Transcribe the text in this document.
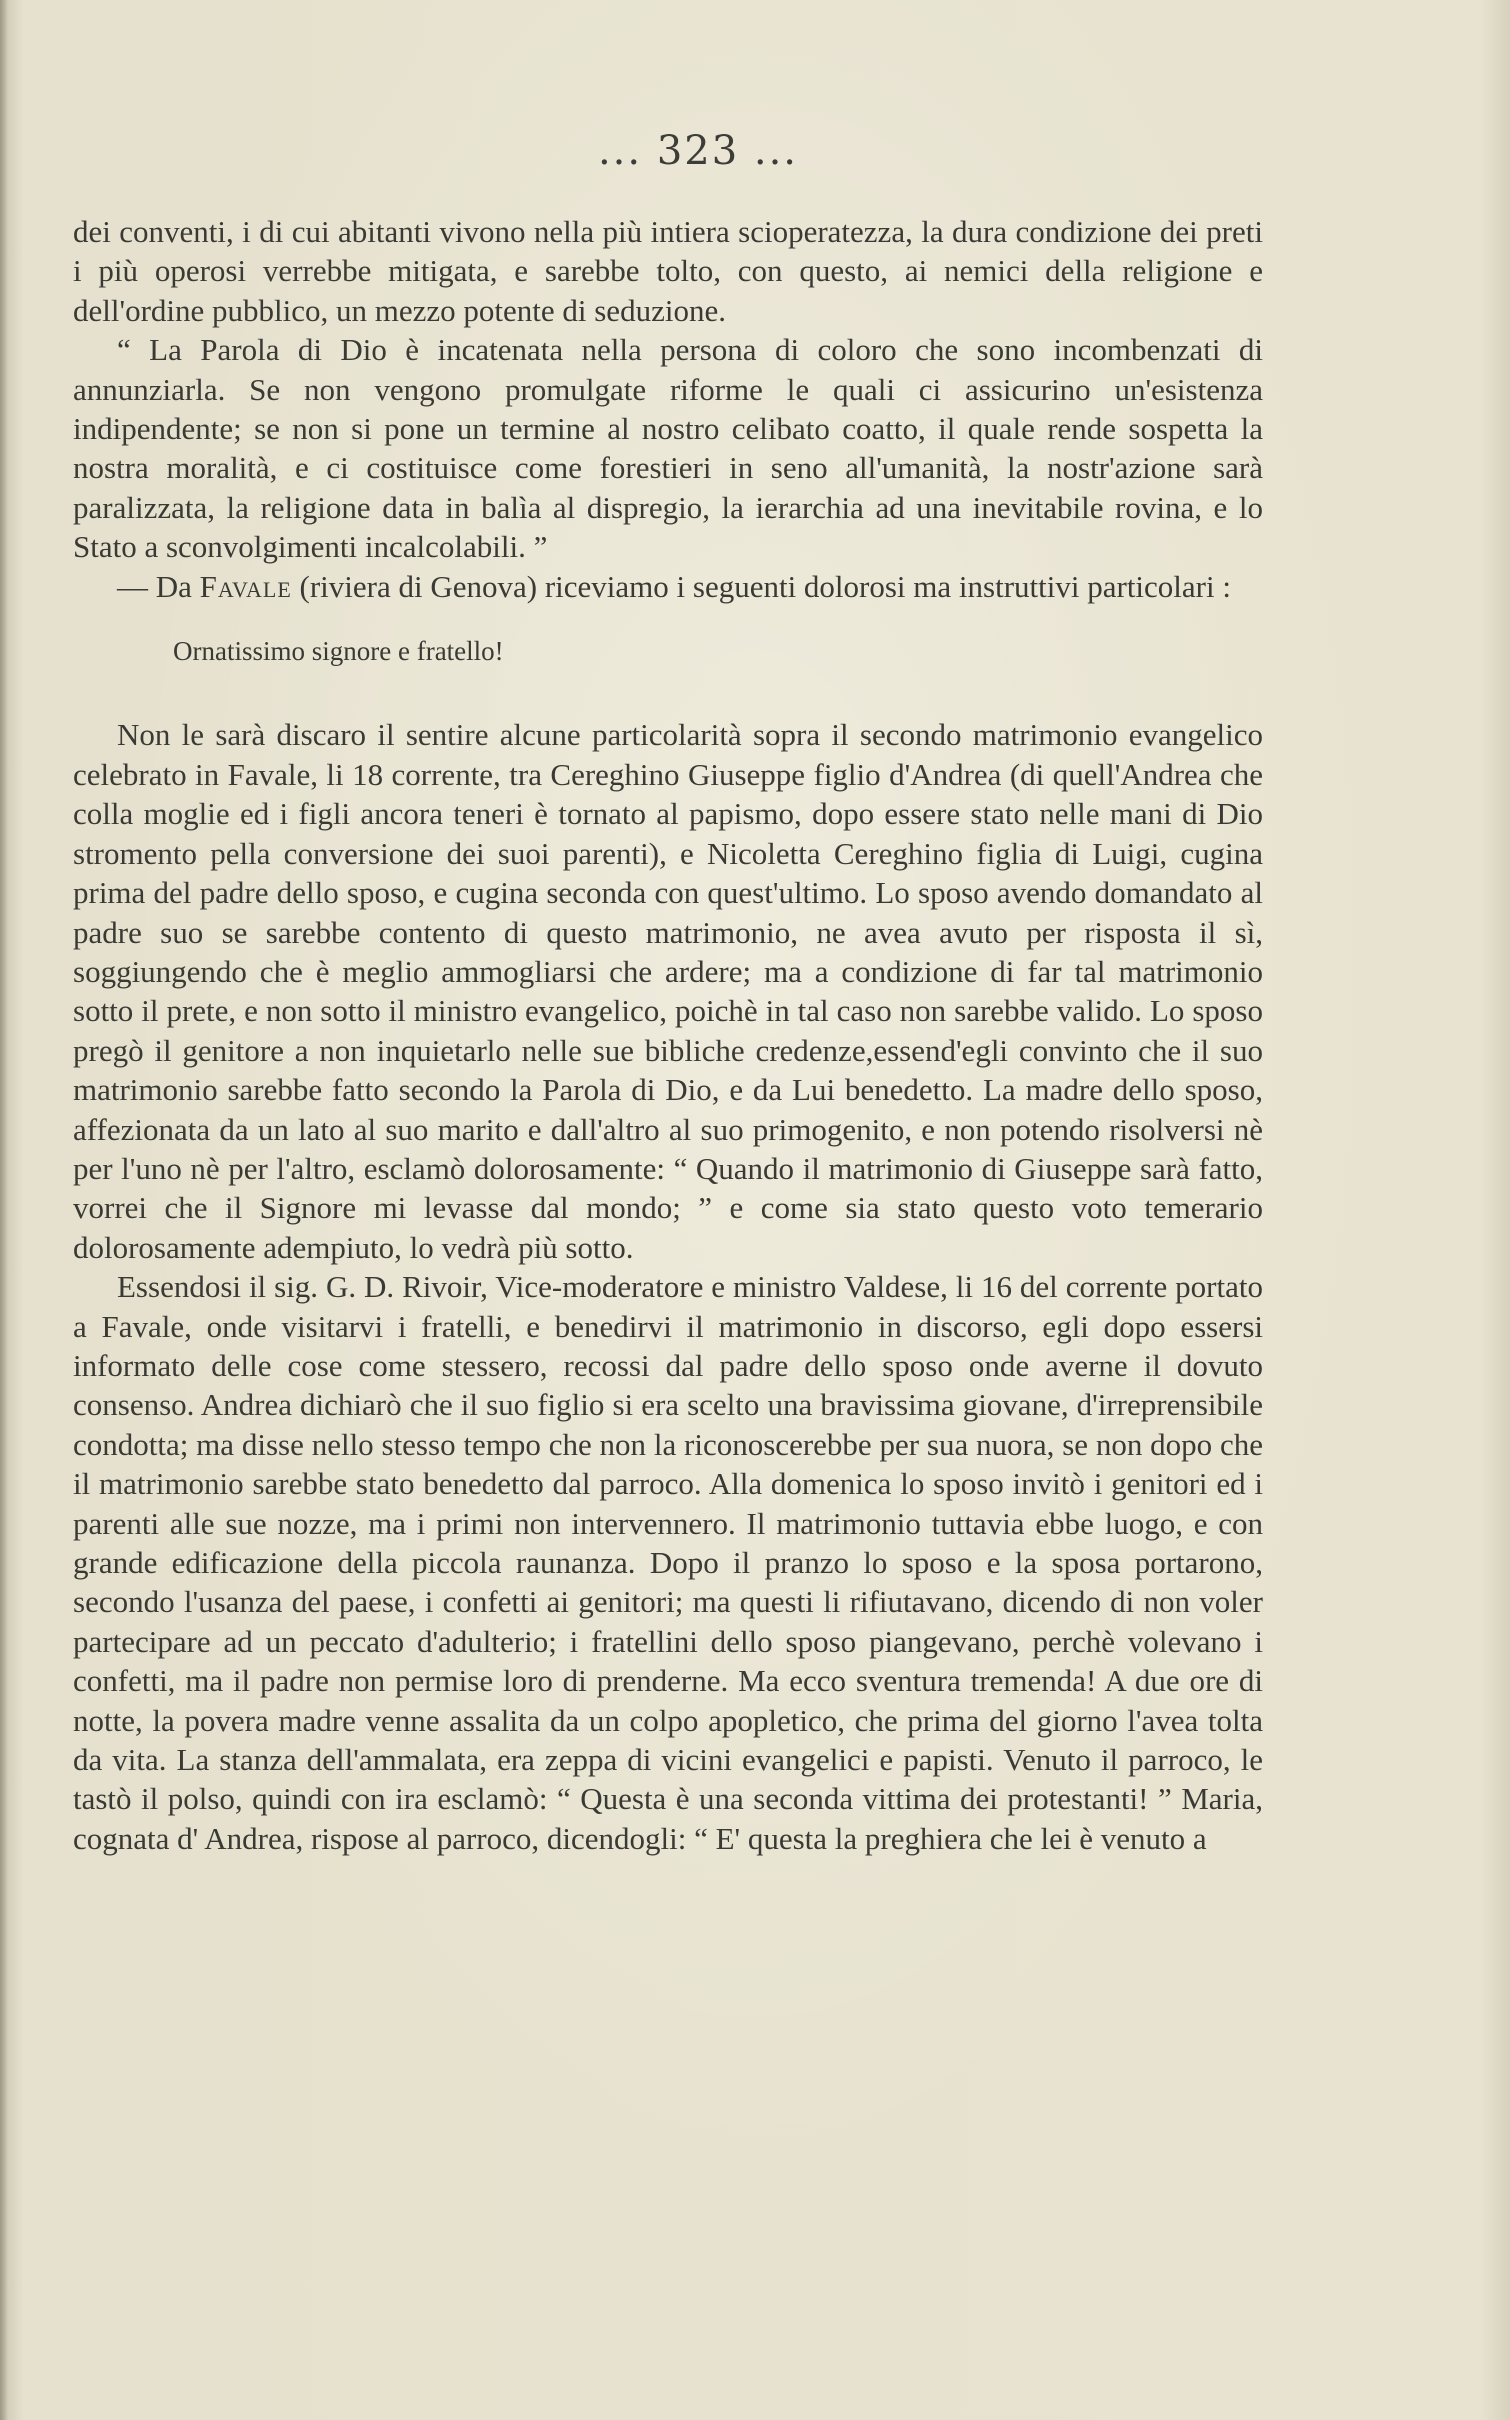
... 323 ...

dei conventi, i di cui abitanti vivono nella più intiera scioperatezza, la dura condizione dei preti i più operosi verrebbe mitigata, e sarebbe tolto, con questo, ai nemici della religione e dell'ordine pubblico, un mezzo potente di seduzione.

“ La Parola di Dio è incatenata nella persona di coloro che sono incombenzati di annunziarla. Se non vengono promulgate riforme le quali ci assicurino un'esistenza indipendente; se non si pone un termine al nostro celibato coatto, il quale rende sospetta la nostra moralità, e ci costituisce come forestieri in seno all'umanità, la nostr'azione sarà paralizzata, la religione data in balìa al dispregio, la ierarchia ad una inevitabile rovina, e lo Stato a sconvolgimenti incalcolabili. ”

— Da Favale (riviera di Genova) riceviamo i seguenti dolorosi ma instruttivi particolari :

Ornatissimo signore e fratello!

Non le sarà discaro il sentire alcune particolarità sopra il secondo matrimonio evangelico celebrato in Favale, li 18 corrente, tra Cereghino Giuseppe figlio d'Andrea (di quell'Andrea che colla moglie ed i figli ancora teneri è tornato al papismo, dopo essere stato nelle mani di Dio stromento pella conversione dei suoi parenti), e Nicoletta Cereghino figlia di Luigi, cugina prima del padre dello sposo, e cugina seconda con quest'ultimo. Lo sposo avendo domandato al padre suo se sarebbe contento di questo matrimonio, ne avea avuto per risposta il sì, soggiungendo che è meglio ammogliarsi che ardere; ma a condizione di far tal matrimonio sotto il prete, e non sotto il ministro evangelico, poichè in tal caso non sarebbe valido. Lo sposo pregò il genitore a non inquietarlo nelle sue bibliche credenze,essend'egli convinto che il suo matrimonio sarebbe fatto secondo la Parola di Dio, e da Lui benedetto. La madre dello sposo, affezionata da un lato al suo marito e dall'altro al suo primogenito, e non potendo risolversi nè per l'uno nè per l'altro, esclamò dolorosamente: “ Quando il matrimonio di Giuseppe sarà fatto, vorrei che il Signore mi levasse dal mondo; ” e come sia stato questo voto temerario dolorosamente adempiuto, lo vedrà più sotto.

Essendosi il sig. G. D. Rivoir, Vice-moderatore e ministro Valdese, li 16 del corrente portato a Favale, onde visitarvi i fratelli, e benedirvi il matrimonio in discorso, egli dopo essersi informato delle cose come stessero, recossi dal padre dello sposo onde averne il dovuto consenso. Andrea dichiarò che il suo figlio si era scelto una bravissima giovane, d'irreprensibile condotta; ma disse nello stesso tempo che non la riconoscerebbe per sua nuora, se non dopo che il matrimonio sarebbe stato benedetto dal parroco. Alla domenica lo sposo invitò i genitori ed i parenti alle sue nozze, ma i primi non intervennero. Il matrimonio tuttavia ebbe luogo, e con grande edificazione della piccola raunanza. Dopo il pranzo lo sposo e la sposa portarono, secondo l'usanza del paese, i confetti ai genitori; ma questi li rifiutavano, dicendo di non voler partecipare ad un peccato d'adulterio; i fratellini dello sposo piangevano, perchè volevano i confetti, ma il padre non permise loro di prenderne. Ma ecco sventura tremenda! A due ore di notte, la povera madre venne assalita da un colpo apopletico, che prima del giorno l'avea tolta da vita. La stanza dell'ammalata, era zeppa di vicini evangelici e papisti. Venuto il parroco, le tastò il polso, quindi con ira esclamò: “ Questa è una seconda vittima dei protestanti! ” Maria, cognata d' Andrea, rispose al parroco, dicendogli: “ E' questa la preghiera che lei è venuto a
